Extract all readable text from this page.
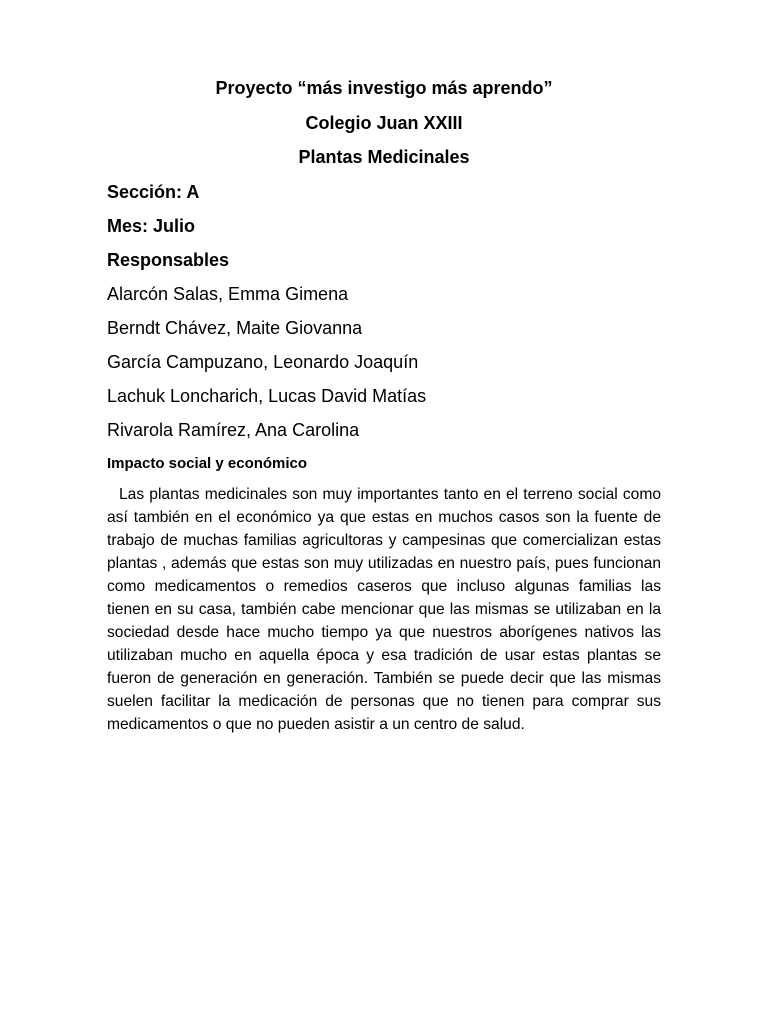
Proyecto “más investigo más aprendo”
Colegio Juan XXIII
Plantas Medicinales

Sección: A

Mes: Julio

Responsables

Alarcón Salas, Emma Gimena
Berndt Chávez, Maite Giovanna
García Campuzano, Leonardo Joaquín
Lachuk Loncharich, Lucas David Matías
Rivarola Ramírez, Ana Carolina
Impacto social y económico

Las plantas medicinales son muy importantes tanto en el terreno social como así también en el económico ya que estas en muchos casos son la fuente de trabajo de muchas familias agricultoras y campesinas que comercializan estas plantas , además que estas son muy utilizadas en nuestro país, pues funcionan como medicamentos o remedios caseros que incluso algunas familias las tienen en su casa, también cabe mencionar que las mismas se utilizaban en la sociedad desde hace mucho tiempo ya que nuestros aborígenes nativos las utilizaban mucho en aquella época y esa tradición de usar estas plantas se fueron de generación en generación. También se puede decir que las mismas suelen facilitar la medicación de personas que no tienen para comprar sus medicamentos o que no pueden asistir a un centro de salud.
